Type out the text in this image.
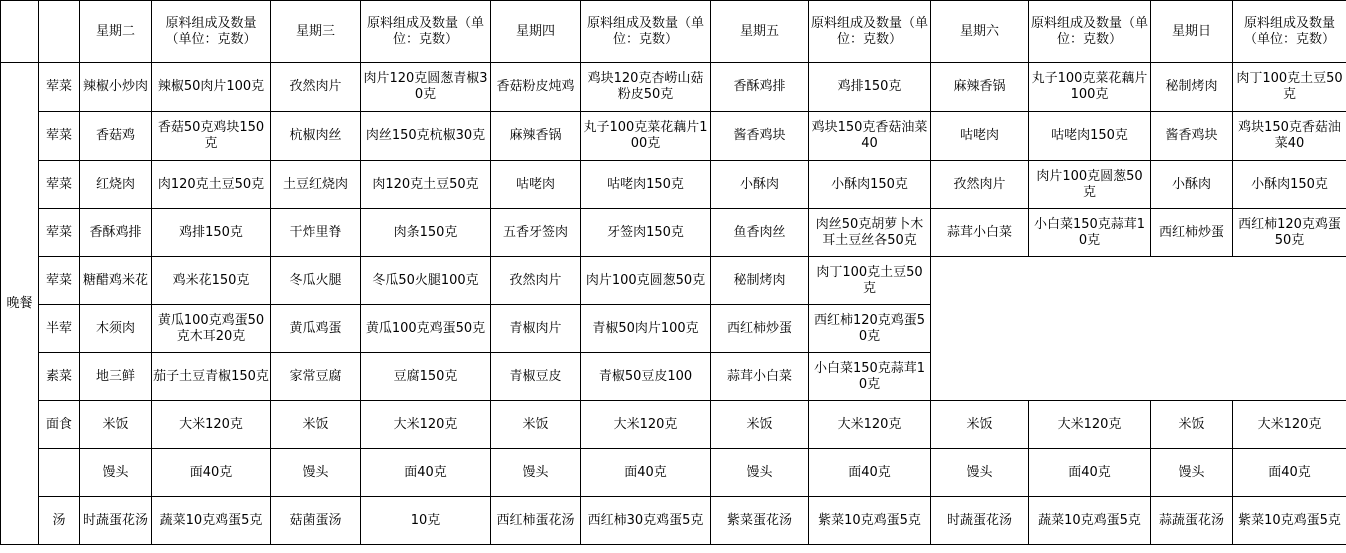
		星期二	原料组成及数量（单位：克数）	星期三	原料组成及数量（单位：克数）	星期四	原料组成及数量（单位：克数）	星期五	原料组成及数量（单位：克数）	星期六	原料组成及数量（单位：克数）	星期日	原料组成及数量（单位：克数）
晚餐	荤菜	辣椒小炒肉	辣椒50肉片100克	孜然肉片	肉片120克圆葱青椒30克	香菇粉皮炖鸡	鸡块120克杏崂山菇粉皮50克	香酥鸡排	鸡排150克	麻辣香锅	丸子100克菜花藕片100克	秘制烤肉	肉丁100克土豆50克
	荤菜	香菇鸡	香菇50克鸡块150克	杭椒肉丝	肉丝150克杭椒30克	麻辣香锅	丸子100克菜花藕片100克	酱香鸡块	鸡块150克香菇油菜40	咕咾肉	咕咾肉150克	酱香鸡块	鸡块150克香菇油菜40
	荤菜	红烧肉	肉120克土豆50克	土豆红烧肉	肉120克土豆50克	咕咾肉	咕咾肉150克	小酥肉	小酥肉150克	孜然肉片	肉片100克圆葱50克	小酥肉	小酥肉150克
	荤菜	香酥鸡排	鸡排150克	干炸里脊	肉条150克	五香牙签肉	牙签肉150克	鱼香肉丝	肉丝50克胡萝卜木耳土豆丝各50克	蒜茸小白菜	小白菜150克蒜茸10克	西红柿炒蛋	西红柿120克鸡蛋50克
	荤菜	糖醋鸡米花	鸡米花150克	冬瓜火腿	冬瓜50火腿100克	孜然肉片	肉片100克圆葱50克	秘制烤肉	肉丁100克土豆50克				
	半荤	木须肉	黄瓜100克鸡蛋50克木耳20克	黄瓜鸡蛋	黄瓜100克鸡蛋50克	青椒肉片	青椒50肉片100克	西红柿炒蛋	西红柿120克鸡蛋50克				
	素菜	地三鲜	茄子土豆青椒150克	家常豆腐	豆腐150克	青椒豆皮	青椒50豆皮100	蒜茸小白菜	小白菜150克蒜茸10克				
	面食	米饭	大米120克	米饭	大米120克	米饭	大米120克	米饭	大米120克	米饭	大米120克	米饭	大米120克
		馒头	面40克	馒头	面40克	馒头	面40克	馒头	面40克	馒头	面40克	馒头	面40克
	汤	时蔬蛋花汤	蔬菜10克鸡蛋5克	菇菌蛋汤	10克	西红柿蛋花汤	西红柿30克鸡蛋5克	紫菜蛋花汤	紫菜10克鸡蛋5克	时蔬蛋花汤	蔬菜10克鸡蛋5克	蒜蔬蛋花汤	紫菜10克鸡蛋5克
